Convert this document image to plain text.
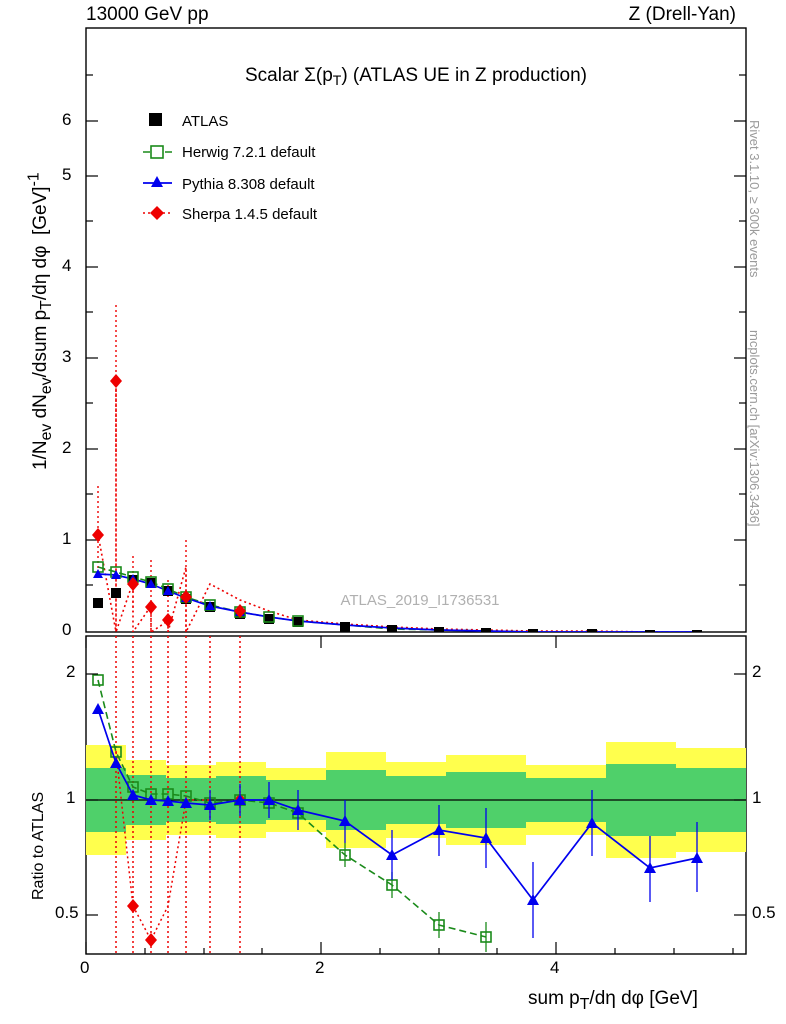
13000 GeV pp	Z (Drell-Yan)
Rivet 3.1.10, ≥ 300k events
mcplots.cern.ch [arXiv:1306.3436]
$1/N_{ev}$ $dN_{ev}$/dsum $p_T/d\eta$ dφ  [GeV]$^{-1}$
Ratio to ATLAS
sum $p_T/d\eta$ dφ [GeV]
Scalar $\Sigma(p_T)$ (ATLAS UE in Z production)
ATLAS_2019_I1736531
ATLAS
Herwig 7.2.1 default
Pythia 8.308 default
Sherpa 1.4.5 default
1
2
3
4
5
6
0
0.5
1
2
0.5
1
2
0	2	4
